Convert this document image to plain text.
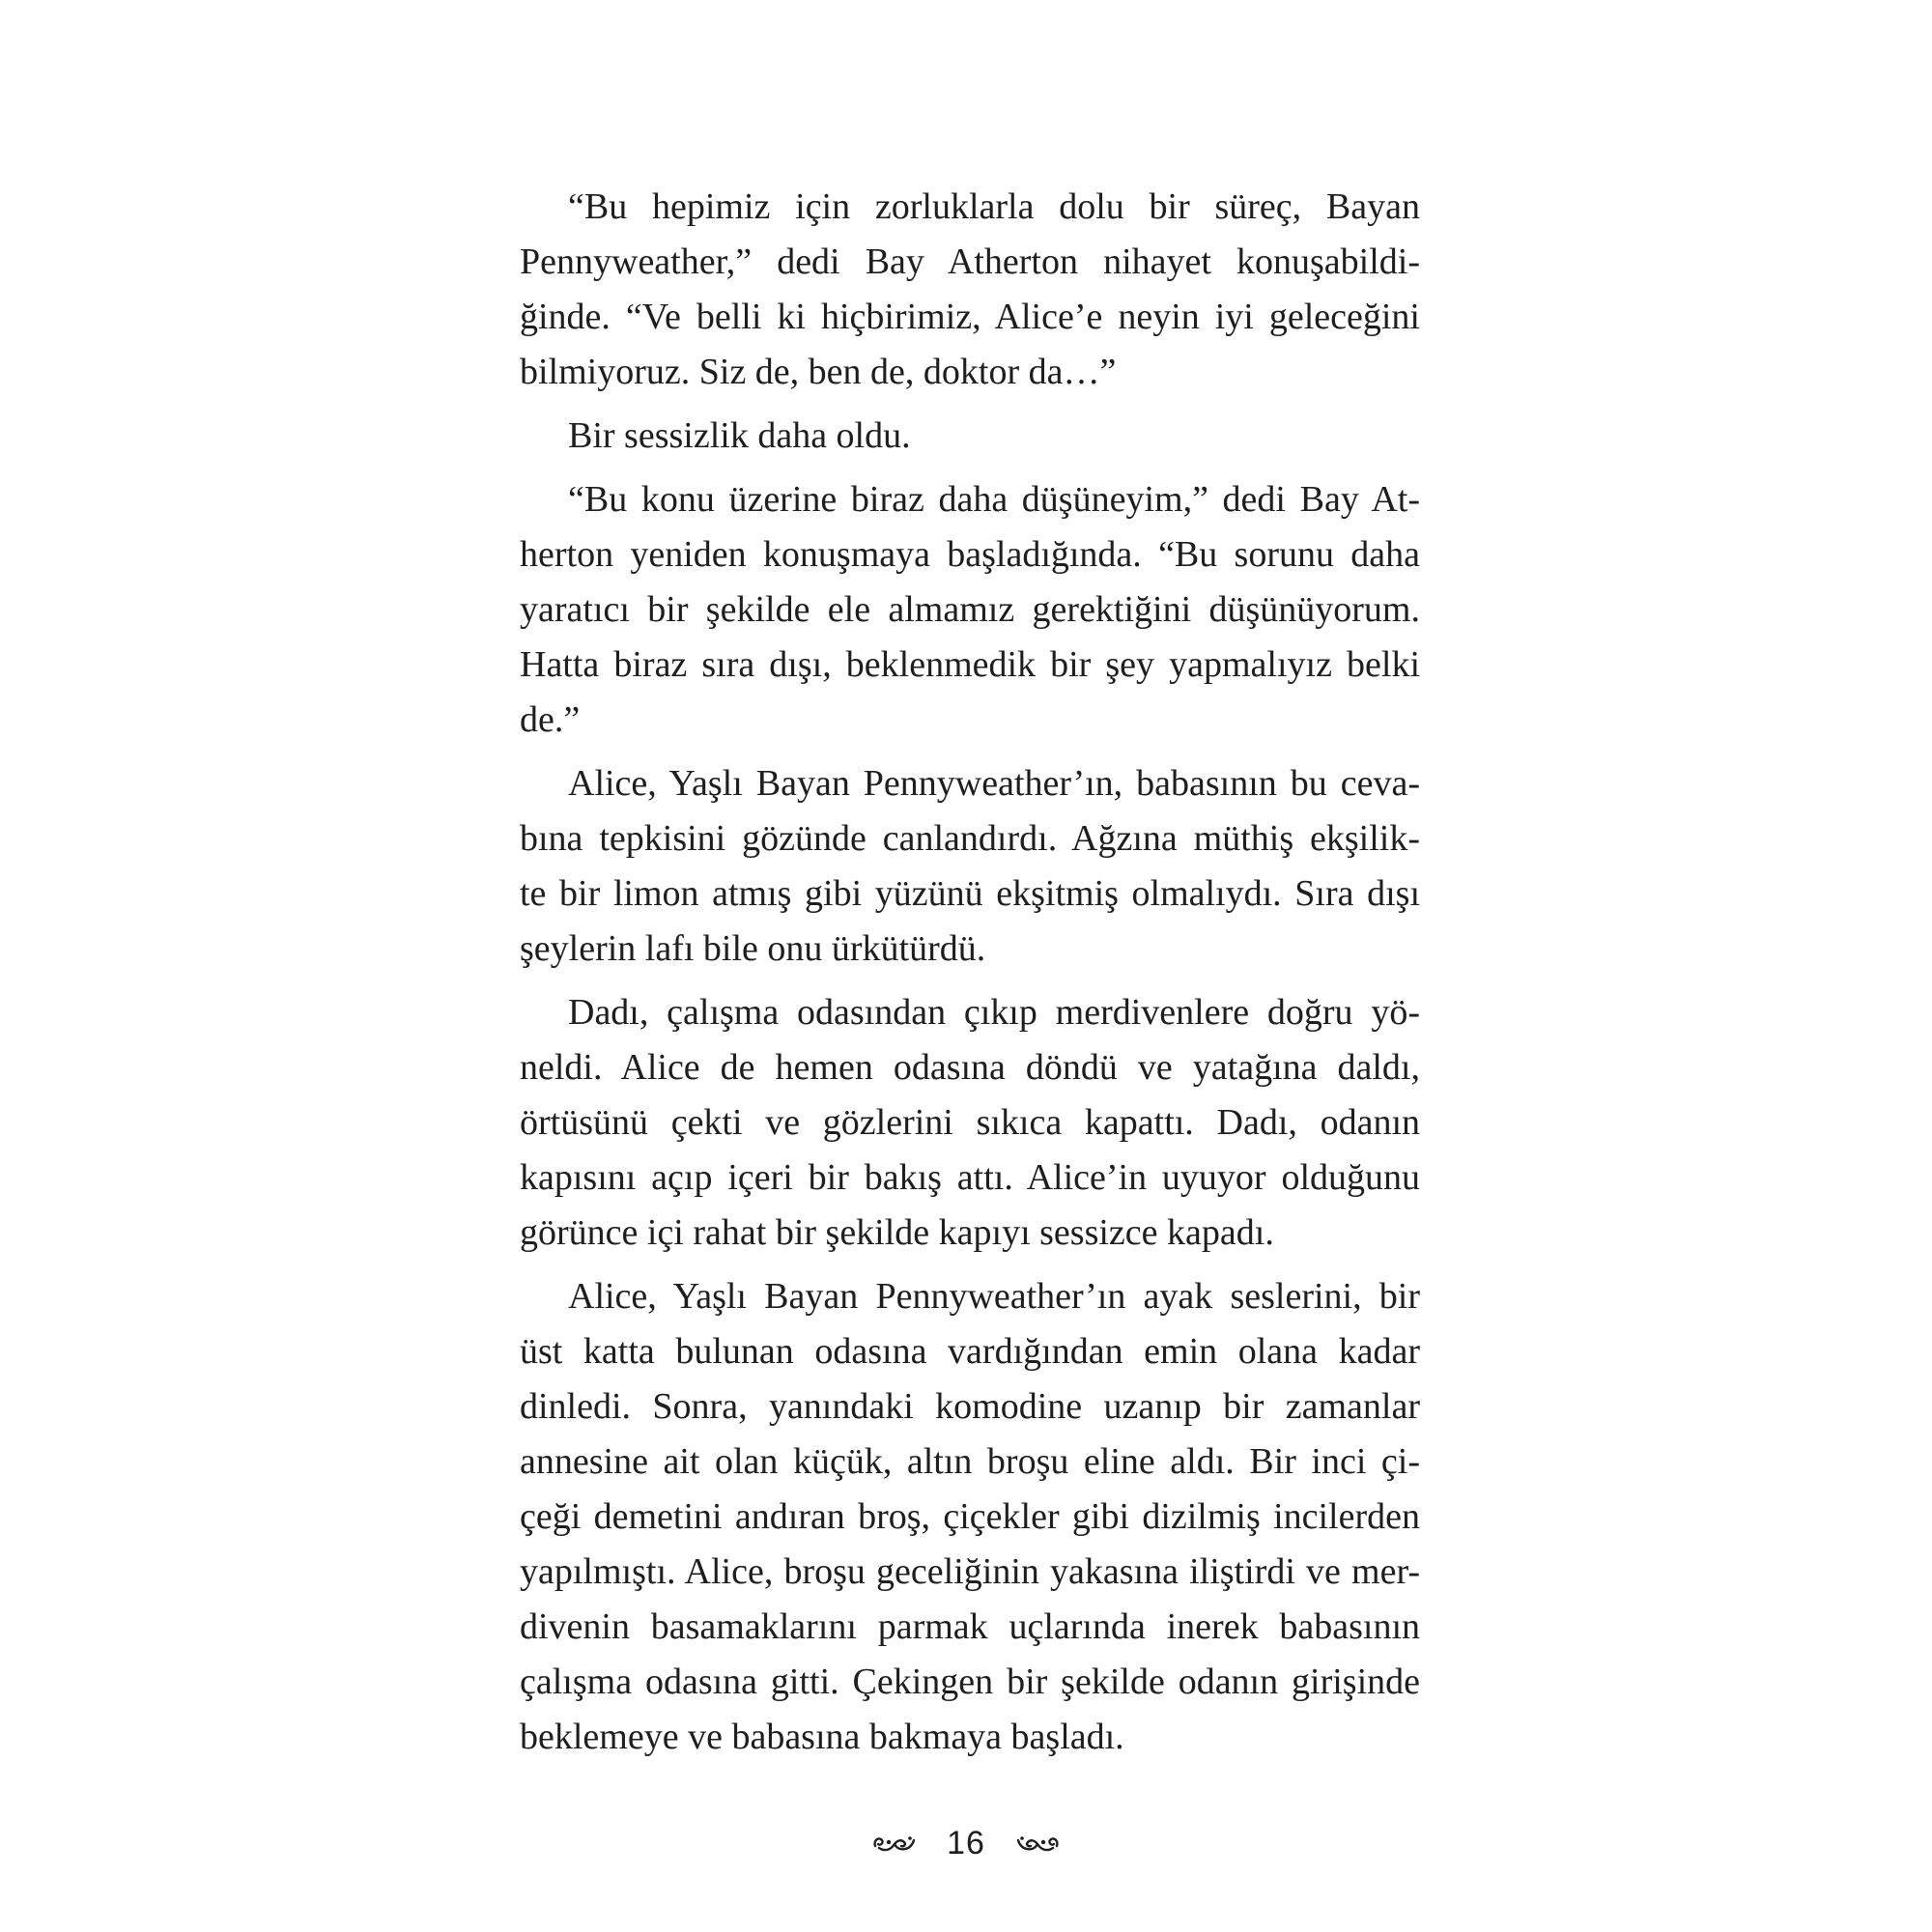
“Bu hepimiz için zorluklarla dolu bir süreç, Bayan
Pennyweather,” dedi Bay Atherton nihayet konuşabildi-
ğinde. “Ve belli ki hiçbirimiz, Alice’e neyin iyi geleceğini
bilmiyoruz. Siz de, ben de, doktor da…”

Bir sessizlik daha oldu.

“Bu konu üzerine biraz daha düşüneyim,” dedi Bay At-
herton yeniden konuşmaya başladığında. “Bu sorunu daha
yaratıcı bir şekilde ele almamız gerektiğini düşünüyorum.
Hatta biraz sıra dışı, beklenmedik bir şey yapmalıyız belki
de.”

Alice, Yaşlı Bayan Pennyweather’ın, babasının bu ceva-
bına tepkisini gözünde canlandırdı. Ağzına müthiş ekşilik-
te bir limon atmış gibi yüzünü ekşitmiş olmalıydı. Sıra dışı
şeylerin lafı bile onu ürkütürdü.

Dadı, çalışma odasından çıkıp merdivenlere doğru yö-
neldi. Alice de hemen odasına döndü ve yatağına daldı,
örtüsünü çekti ve gözlerini sıkıca kapattı. Dadı, odanın
kapısını açıp içeri bir bakış attı. Alice’in uyuyor olduğunu
görünce içi rahat bir şekilde kapıyı sessizce kapadı.

Alice, Yaşlı Bayan Pennyweather’ın ayak seslerini, bir
üst katta bulunan odasına vardığından emin olana kadar
dinledi. Sonra, yanındaki komodine uzanıp bir zamanlar
annesine ait olan küçük, altın broşu eline aldı. Bir inci çi-
çeği demetini andıran broş, çiçekler gibi dizilmiş incilerden
yapılmıştı. Alice, broşu geceliğinin yakasına iliştirdi ve mer-
divenin basamaklarını parmak uçlarında inerek babasının
çalışma odasına gitti. Çekingen bir şekilde odanın girişinde
beklemeye ve babasına bakmaya başladı.

16
